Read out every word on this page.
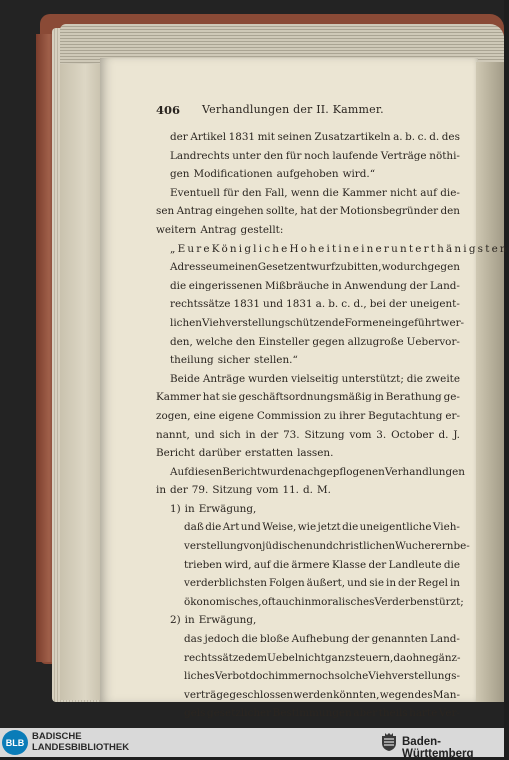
406 Verhandlungen der II. Kammer.
der Artikel 1831 mit seinen Zusatzartikeln a. b. c. d. des
Landrechts unter den für noch laufende Verträge nöthi-
gen Modificationen aufgehoben wird.“
Eventuell für den Fall, wenn die Kammer nicht auf die-
sen Antrag eingehen sollte, hat der Motionsbegründer den
weitern Antrag gestellt:
„Eure Königliche Hoheit in einer unterthänigsten
Adresse um einen Gesetzentwurf zu bitten, wodurch gegen
die eingerissenen Mißbräuche in Anwendung der Land-
rechtssätze 1831 und 1831 a. b. c. d., bei der uneigent-
lichen Viehverstellung schützende Formen eingeführt wer-
den, welche den Einsteller gegen allzugroße Uebervor-
theilung sicher stellen.“
Beide Anträge wurden vielseitig unterstützt; die zweite
Kammer hat sie geschäftsordnungsmäßig in Berathung ge-
zogen, eine eigene Commission zu ihrer Begutachtung er-
nannt, und sich in der 73. Sitzung vom 3. October d. J.
Bericht darüber erstatten lassen.
Auf diesen Bericht wurde nach gepflogenen Verhandlungen
in der 79. Sitzung vom 11. d. M.
1) in Erwägung,
daß die Art und Weise, wie jetzt die uneigentliche Vieh-
verstellung von jüdischen und christlichen Wucherern be-
trieben wird, auf die ärmere Klasse der Landleute die
verderblichsten Folgen äußert, und sie in der Regel in
ökonomisches, oft auch in moralisches Verderben stürzt;
2) in Erwägung,
das jedoch die bloße Aufhebung der genannten Land-
rechtssätze dem Uebel nicht ganz steuern, da ohne gänz-
liches Verbot doch immer noch solche Viehverstellungs-
verträge geschlossen werden könnten, wegen des Man-
gels gesetzlicher Bestimmungen aber theils harte Ver-
BLB
BADISCHE
LANDESBIBLIOTHEK	Baden-Württemberg
